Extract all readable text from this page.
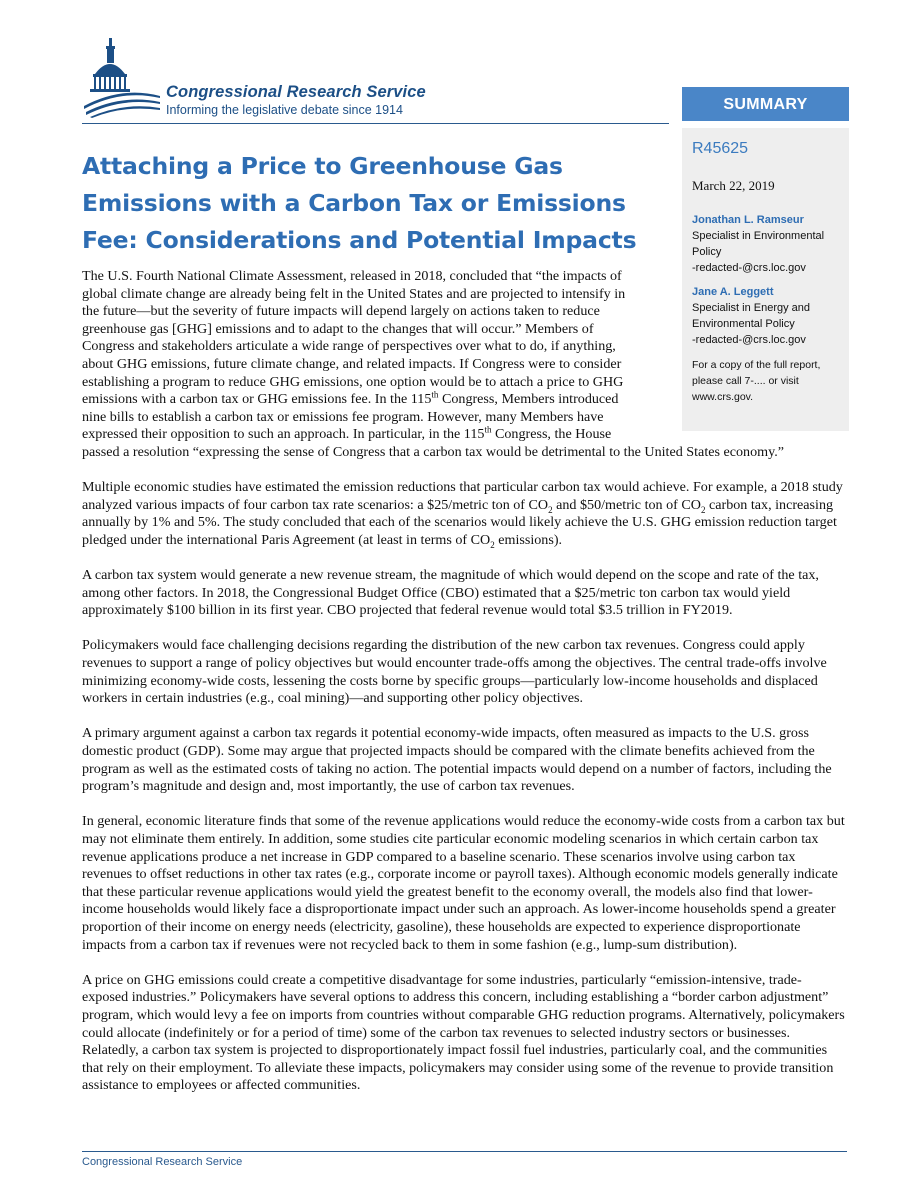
Congressional Research Service
Informing the legislative debate since 1914	SUMMARY
R45625
March 22, 2019
Jonathan L. Ramseur
Specialist in Environmental
Policy
-redacted-@crs.loc.gov
Jane A. Leggett
Specialist in Energy and
Environmental Policy
-redacted-@crs.loc.gov
For a copy of the full report, please call 7-.... or visit www.crs.gov.
Attaching a Price to Greenhouse Gas Emissions with a Carbon Tax or Emissions Fee: Considerations and Potential Impacts

The U.S. Fourth National Climate Assessment, released in 2018, concluded that “the impacts of
global climate change are already being felt in the United States and are projected to intensify in
the future—but the severity of future impacts will depend largely on actions taken to reduce
greenhouse gas [GHG] emissions and to adapt to the changes that will occur.” Members of
Congress and stakeholders articulate a wide range of perspectives over what to do, if anything,
about GHG emissions, future climate change, and related impacts. If Congress were to consider
establishing a program to reduce GHG emissions, one option would be to attach a price to GHG
emissions with a carbon tax or GHG emissions fee. In the 115th Congress, Members introduced
nine bills to establish a carbon tax or emissions fee program. However, many Members have
expressed their opposition to such an approach. In particular, in the 115th Congress, the House
passed a resolution “expressing the sense of Congress that a carbon tax would be detrimental to the United States economy.”

Multiple economic studies have estimated the emission reductions that particular carbon tax would achieve. For example, a 2018 study analyzed various impacts of four carbon tax rate scenarios: a $25/metric ton of $CO_2$ and $50/metric ton of $CO_2$ carbon tax, increasing annually by 1% and 5%. The study concluded that each of the scenarios would likely achieve the U.S. GHG emission reduction target pledged under the international Paris Agreement (at least in terms of $CO_2$ emissions).

A carbon tax system would generate a new revenue stream, the magnitude of which would depend on the scope and rate of the tax, among other factors. In 2018, the Congressional Budget Office (CBO) estimated that a $25/metric ton carbon tax would yield approximately $100 billion in its first year. CBO projected that federal revenue would total $3.5 trillion in FY2019.

Policymakers would face challenging decisions regarding the distribution of the new carbon tax revenues. Congress could apply revenues to support a range of policy objectives but would encounter trade-offs among the objectives. The central trade-offs involve minimizing economy-wide costs, lessening the costs borne by specific groups—particularly low-income households and displaced workers in certain industries (e.g., coal mining)—and supporting other policy objectives.

A primary argument against a carbon tax regards it potential economy-wide impacts, often measured as impacts to the U.S. gross domestic product (GDP). Some may argue that projected impacts should be compared with the climate benefits achieved from the program as well as the estimated costs of taking no action. The potential impacts would depend on a number of factors, including the program’s magnitude and design and, most importantly, the use of carbon tax revenues.

In general, economic literature finds that some of the revenue applications would reduce the economy-wide costs from a carbon tax but may not eliminate them entirely. In addition, some studies cite particular economic modeling scenarios in which certain carbon tax revenue applications produce a net increase in GDP compared to a baseline scenario. These scenarios involve using carbon tax revenues to offset reductions in other tax rates (e.g., corporate income or payroll taxes). Although economic models generally indicate that these particular revenue applications would yield the greatest benefit to the economy overall, the models also find that lower-income households would likely face a disproportionate impact under such an approach. As lower-income households spend a greater proportion of their income on energy needs (electricity, gasoline), these households are expected to experience disproportionate impacts from a carbon tax if revenues were not recycled back to them in some fashion (e.g., lump-sum distribution).

A price on GHG emissions could create a competitive disadvantage for some industries, particularly “emission-intensive, trade-exposed industries.” Policymakers have several options to address this concern, including establishing a “border carbon adjustment” program, which would levy a fee on imports from countries without comparable GHG reduction programs. Alternatively, policymakers could allocate (indefinitely or for a period of time) some of the carbon tax revenues to selected industry sectors or businesses. Relatedly, a carbon tax system is projected to disproportionately impact fossil fuel industries, particularly coal, and the communities that rely on their employment. To alleviate these impacts, policymakers may consider using some of the revenue to provide transition assistance to employees or affected communities.

Congressional Research Service
